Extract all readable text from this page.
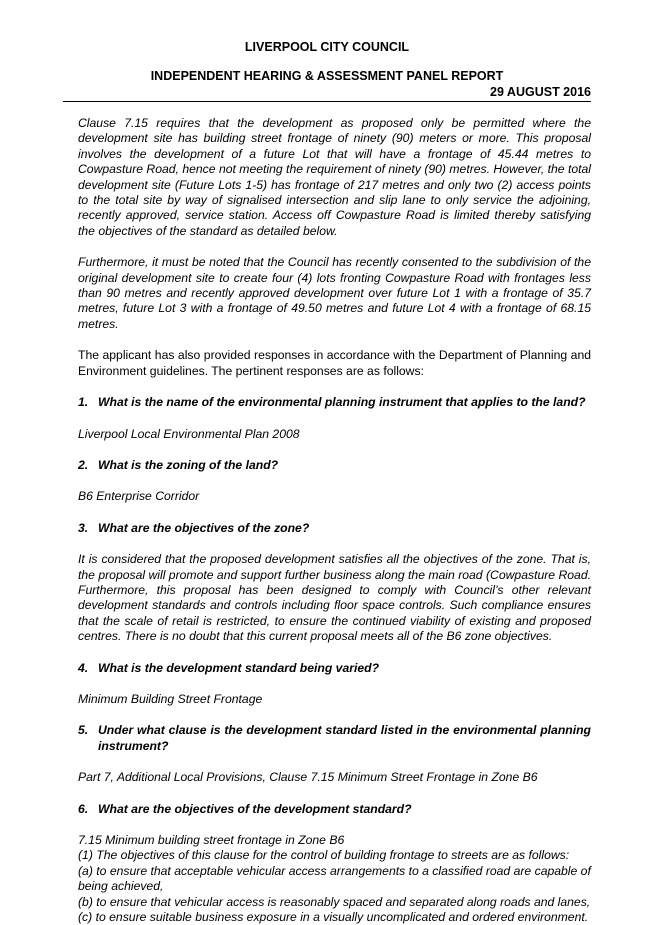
LIVERPOOL CITY COUNCIL
INDEPENDENT HEARING & ASSESSMENT PANEL REPORT
29 AUGUST 2016

Clause 7.15 requires that the development as proposed only be permitted where the development site has building street frontage of ninety (90) meters or more. This proposal involves the development of a future Lot that will have a frontage of 45.44 metres to Cowpasture Road, hence not meeting the requirement of ninety (90) metres. However, the total development site (Future Lots 1-5) has frontage of 217 metres and only two (2) access points to the total site by way of signalised intersection and slip lane to only service the adjoining, recently approved, service station. Access off Cowpasture Road is limited thereby satisfying the objectives of the standard as detailed below.

Furthermore, it must be noted that the Council has recently consented to the subdivision of the original development site to create four (4) lots fronting Cowpasture Road with frontages less than 90 metres and recently approved development over future Lot 1 with a frontage of 35.7 metres, future Lot 3 with a frontage of 49.50 metres and future Lot 4 with a frontage of 68.15 metres.

The applicant has also provided responses in accordance with the Department of Planning and Environment guidelines. The pertinent responses are as follows:

1. What is the name of the environmental planning instrument that applies to the land?

Liverpool Local Environmental Plan 2008

2. What is the zoning of the land?

B6 Enterprise Corridor

3. What are the objectives of the zone?

It is considered that the proposed development satisfies all the objectives of the zone. That is, the proposal will promote and support further business along the main road (Cowpasture Road. Furthermore, this proposal has been designed to comply with Council’s other relevant development standards and controls including floor space controls. Such compliance ensures that the scale of retail is restricted, to ensure the continued viability of existing and proposed centres. There is no doubt that this current proposal meets all of the B6 zone objectives.

4. What is the development standard being varied?

Minimum Building Street Frontage

5. Under what clause is the development standard listed in the environmental planning instrument?

Part 7, Additional Local Provisions, Clause 7.15 Minimum Street Frontage in Zone B6

6. What are the objectives of the development standard?

7.15 Minimum building street frontage in Zone B6

(1) The objectives of this clause for the control of building frontage to streets are as follows:

(a) to ensure that acceptable vehicular access arrangements to a classified road are capable of being achieved,

(b) to ensure that vehicular access is reasonably spaced and separated along roads and lanes,

(c) to ensure suitable business exposure in a visually uncomplicated and ordered environment.
